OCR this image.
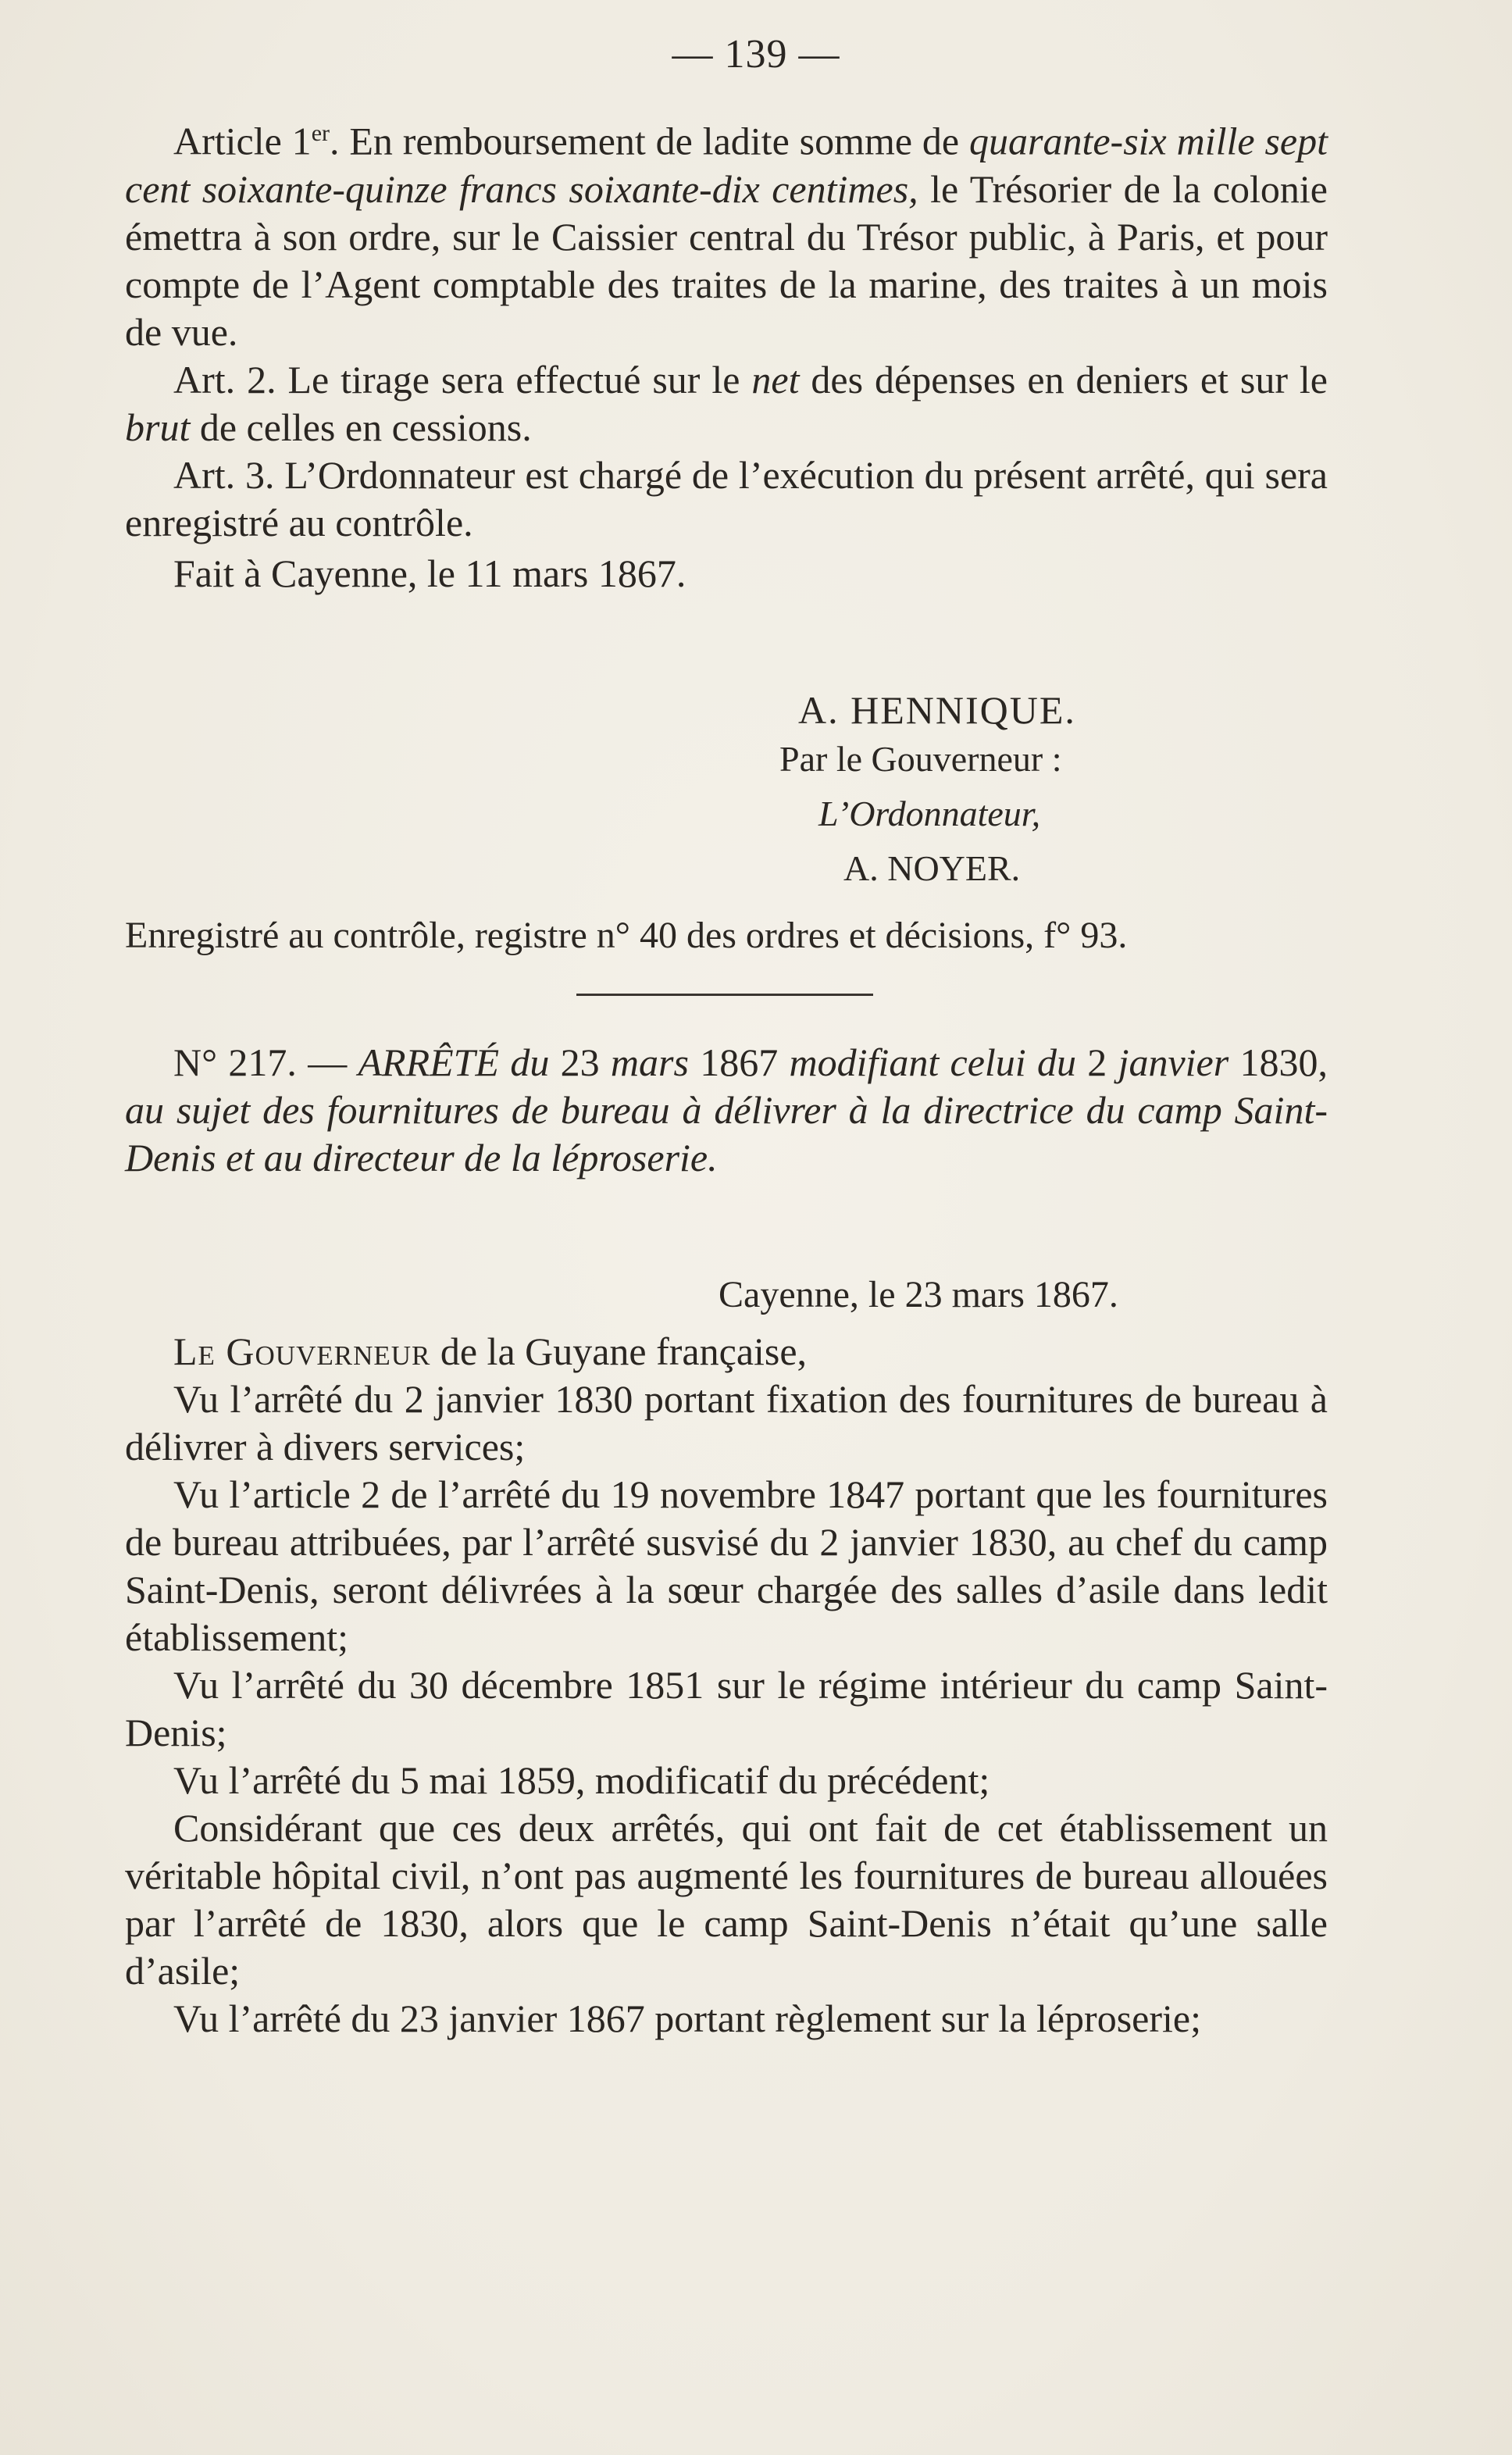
— 139 —

Article 1er. En remboursement de ladite somme de quarante-six mille sept cent soixante-quinze francs soixante-dix centimes, le Trésorier de la colonie émettra à son ordre, sur le Caissier central du Trésor public, à Paris, et pour compte de l’Agent comptable des traites de la marine, des traites à un mois de vue.

Art. 2. Le tirage sera effectué sur le net des dépenses en deniers et sur le brut de celles en cessions.

Art. 3. L’Ordonnateur est chargé de l’exécution du présent arrêté, qui sera enregistré au contrôle.

Fait à Cayenne, le 11 mars 1867.

A. HENNIQUE.
Par le Gouverneur :
L’Ordonnateur,
A. NOYER.
Enregistré au contrôle, registre n° 40 des ordres et décisions, f° 93.

N° 217. — ARRÊTÉ du 23 mars 1867 modifiant celui du 2 janvier 1830, au sujet des fournitures de bureau à délivrer à la directrice du camp Saint-Denis et au directeur de la léproserie.

Cayenne, le 23 mars 1867.

Le Gouverneur de la Guyane française,

Vu l’arrêté du 2 janvier 1830 portant fixation des fournitures de bureau à délivrer à divers services;

Vu l’article 2 de l’arrêté du 19 novembre 1847 portant que les fournitures de bureau attribuées, par l’arrêté susvisé du 2 janvier 1830, au chef du camp Saint-Denis, seront délivrées à la sœur chargée des salles d’asile dans ledit établissement;

Vu l’arrêté du 30 décembre 1851 sur le régime intérieur du camp Saint-Denis;

Vu l’arrêté du 5 mai 1859, modificatif du précédent;

Considérant que ces deux arrêtés, qui ont fait de cet établissement un véritable hôpital civil, n’ont pas augmenté les fournitures de bureau allouées par l’arrêté de 1830, alors que le camp Saint-Denis n’était qu’une salle d’asile;

Vu l’arrêté du 23 janvier 1867 portant règlement sur la léproserie;
